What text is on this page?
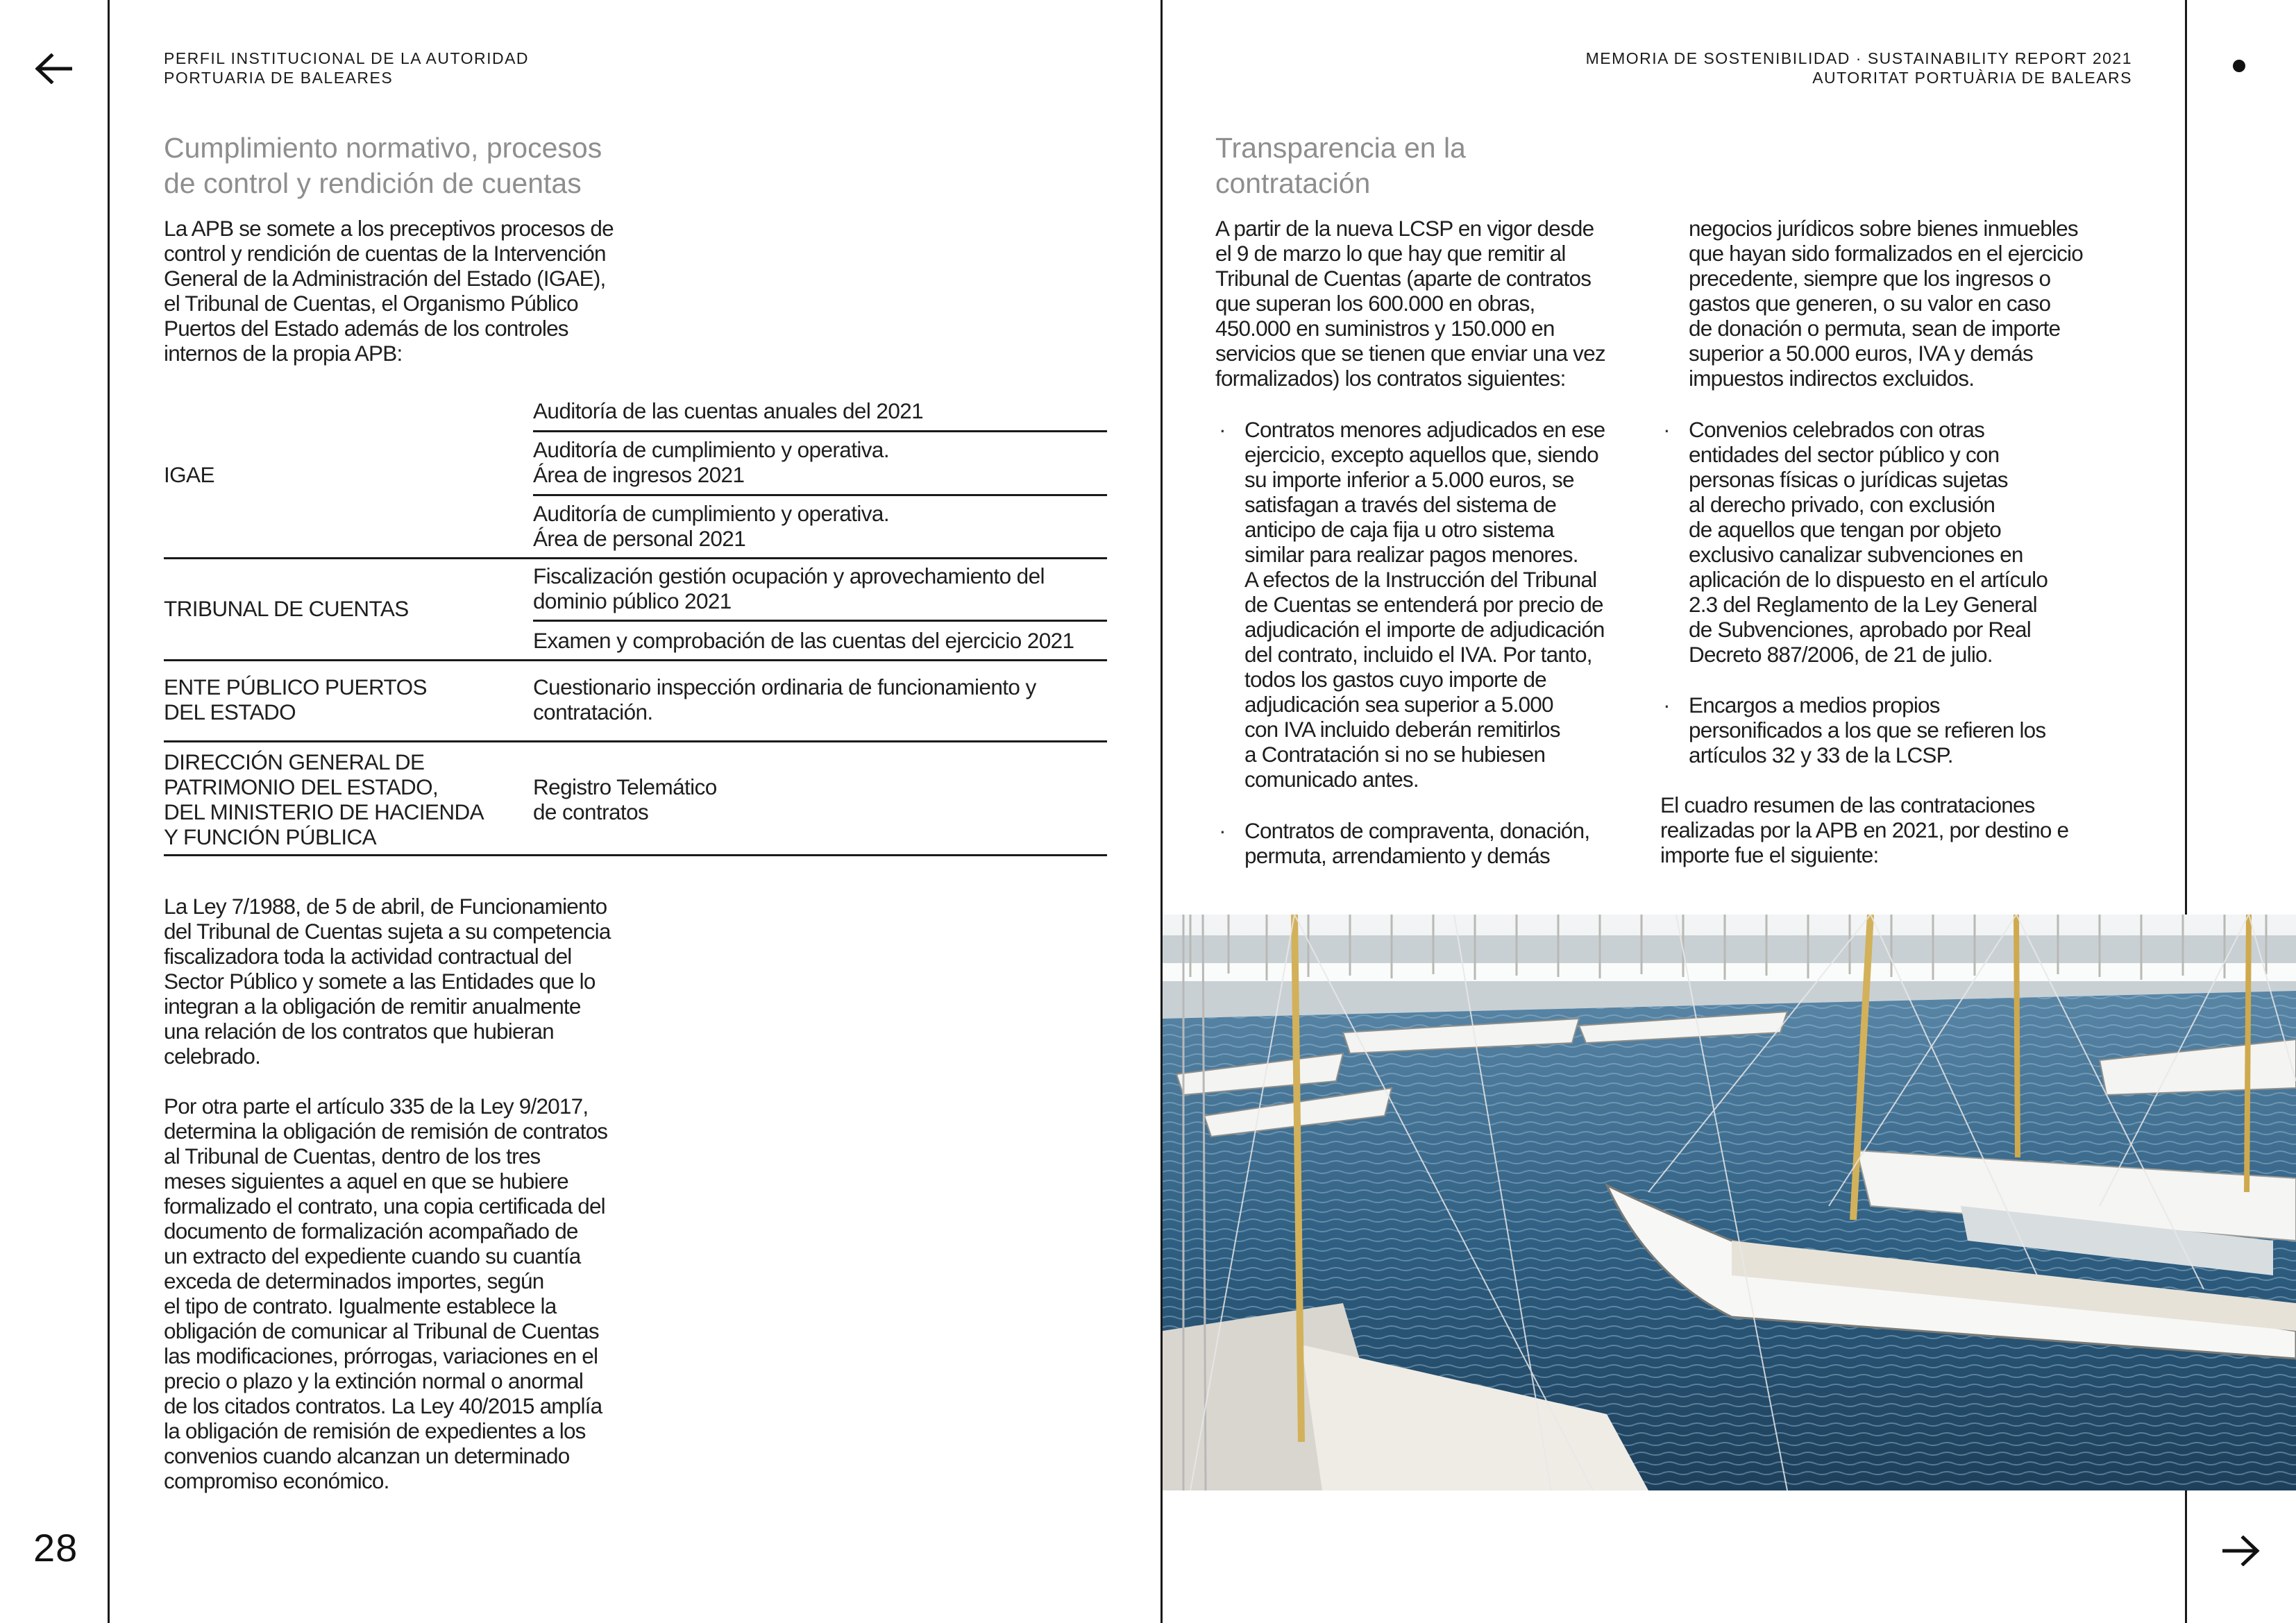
28
PERFIL INSTITUCIONAL DE LA AUTORIDAD
PORTUARIA DE BALEARES
MEMORIA DE SOSTENIBILIDAD · SUSTAINABILITY REPORT 2021
AUTORITAT PORTUÀRIA DE BALEARS
Cumplimiento normativo, procesos
de control y rendición de cuentas
La APB se somete a los preceptivos procesos de
control y rendición de cuentas de la Intervención
General de la Administración del Estado (IGAE),
el Tribunal de Cuentas, el Organismo Público
Puertos del Estado además de los controles
internos de la propia APB:
IGAE
Auditoría de las cuentas anuales del 2021
Auditoría de cumplimiento y operativa.
Área de ingresos 2021
Auditoría de cumplimiento y operativa.
Área de personal 2021
TRIBUNAL DE CUENTAS
Fiscalización gestión ocupación y aprovechamiento del
dominio público 2021
Examen y comprobación de las cuentas del ejercicio 2021
ENTE PÚBLICO PUERTOS
DEL ESTADO
Cuestionario inspección ordinaria de funcionamiento y
contratación.
DIRECCIÓN GENERAL DE
PATRIMONIO DEL ESTADO,
DEL MINISTERIO DE HACIENDA
Y FUNCIÓN PÚBLICA
Registro Telemático
de contratos
La Ley 7/1988, de 5 de abril, de Funcionamiento
del Tribunal de Cuentas sujeta a su competencia
fiscalizadora toda la actividad contractual del
Sector Público y somete a las Entidades que lo
integran a la obligación de remitir anualmente
una relación de los contratos que hubieran
celebrado.
Por otra parte el artículo 335 de la Ley 9/2017,
determina la obligación de remisión de contratos
al Tribunal de Cuentas, dentro de los tres
meses siguientes a aquel en que se hubiere
formalizado el contrato, una copia certificada del
documento de formalización acompañado de
un extracto del expediente cuando su cuantía
exceda de determinados importes, según
el tipo de contrato. Igualmente establece la
obligación de comunicar al Tribunal de Cuentas
las modificaciones, prórrogas, variaciones en el
precio o plazo y la extinción normal o anormal
de los citados contratos. La Ley 40/2015 amplía
la obligación de remisión de expedientes a los
convenios cuando alcanzan un determinado
compromiso económico.
Transparencia en la
contratación
A partir de la nueva LCSP en vigor desde
el 9 de marzo lo que hay que remitir al
Tribunal de Cuentas (aparte de contratos
que superan los 600.000 en obras,
450.000 en suministros y 150.000 en
servicios que se tienen que enviar una vez
formalizados) los contratos siguientes:
· Contratos menores adjudicados en ese
ejercicio, excepto aquellos que, siendo
su importe inferior a 5.000 euros, se
satisfagan a través del sistema de
anticipo de caja fija u otro sistema
similar para realizar pagos menores.
A efectos de la Instrucción del Tribunal
de Cuentas se entenderá por precio de
adjudicación el importe de adjudicación
del contrato, incluido el IVA. Por tanto,
todos los gastos cuyo importe de
adjudicación sea superior a 5.000
con IVA incluido deberán remitirlos
a Contratación si no se hubiesen
comunicado antes.
· Contratos de compraventa, donación,
permuta, arrendamiento y demás
negocios jurídicos sobre bienes inmuebles
que hayan sido formalizados en el ejercicio
precedente, siempre que los ingresos o
gastos que generen, o su valor en caso
de donación o permuta, sean de importe
superior a 50.000 euros, IVA y demás
impuestos indirectos excluidos.
· Convenios celebrados con otras
entidades del sector público y con
personas físicas o jurídicas sujetas
al derecho privado, con exclusión
de aquellos que tengan por objeto
exclusivo canalizar subvenciones en
aplicación de lo dispuesto en el artículo
2.3 del Reglamento de la Ley General
de Subvenciones, aprobado por Real
Decreto 887/2006, de 21 de julio.
· Encargos a medios propios
personificados a los que se refieren los
artículos 32 y 33 de la LCSP.
El cuadro resumen de las contrataciones
realizadas por la APB en 2021, por destino e
importe fue el siguiente:
